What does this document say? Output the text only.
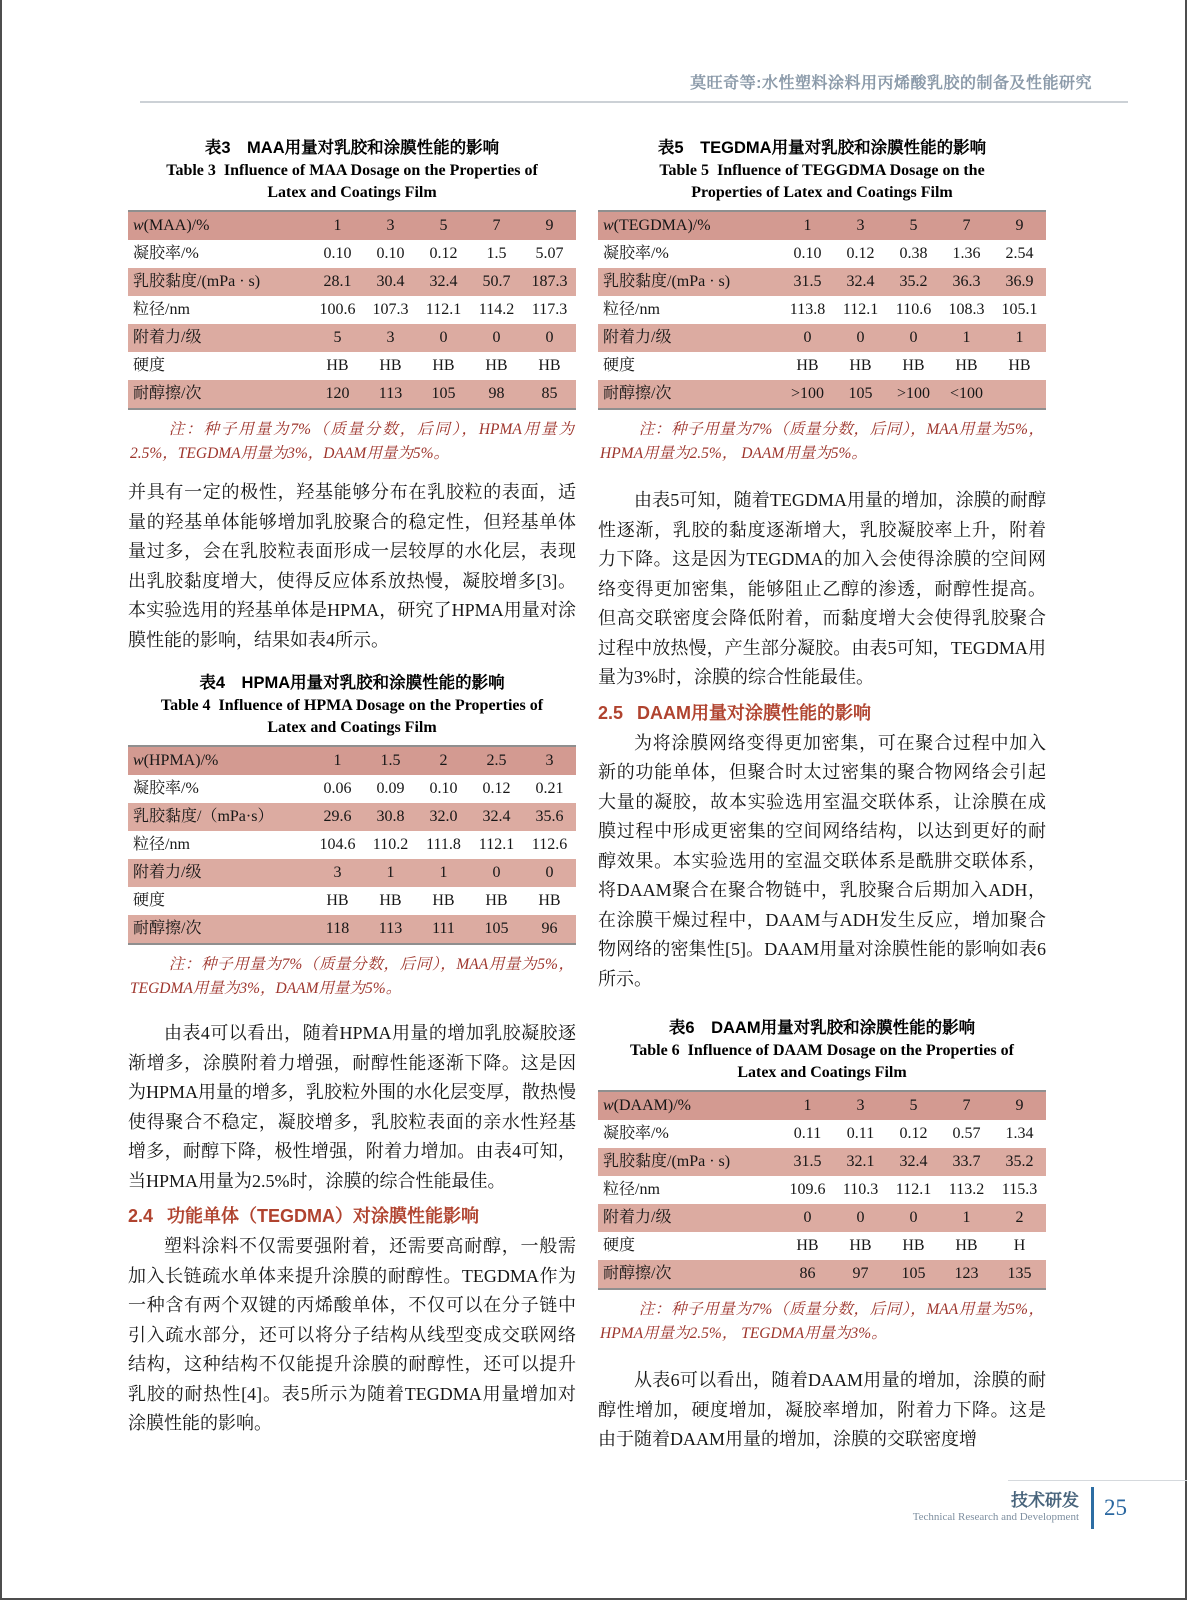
莫旺奇等:水性塑料涂料用丙烯酸乳胶的制备及性能研究
表3　MAA用量对乳胶和涂膜性能的影响
Table 3  Influence of MAA Dosage on the Properties of
Latex and Coatings Film
w(MAA)/%	1	3	5	7	9
凝胶率/%	0.10	0.10	0.12	1.5	5.07
乳胶黏度/(mPa · s)	28.1	30.4	32.4	50.7	187.3
粒径/nm	100.6	107.3	112.1	114.2	117.3
附着力/级	5	3	0	0	0
硬度	HB	HB	HB	HB	HB
耐醇擦/次	120	113	105	98	85
注：种子用量为7%（质量分数，后同），HPMA用量为2.5%，TEGDMA用量为3%，DAAM用量为5%。

并具有一定的极性，羟基能够分布在乳胶粒的表面，适量的羟基单体能够增加乳胶聚合的稳定性，但羟基单体量过多，会在乳胶粒表面形成一层较厚的水化层，表现出乳胶黏度增大，使得反应体系放热慢，凝胶增多[3]。本实验选用的羟基单体是HPMA，研究了HPMA用量对涂膜性能的影响，结果如表4所示。

表4　HPMA用量对乳胶和涂膜性能的影响
Table 4  Influence of HPMA Dosage on the Properties of
Latex and Coatings Film
w(HPMA)/%	1	1.5	2	2.5	3
凝胶率/%	0.06	0.09	0.10	0.12	0.21
乳胶黏度/（mPa·s）	29.6	30.8	32.0	32.4	35.6
粒径/nm	104.6	110.2	111.8	112.1	112.6
附着力/级	3	1	1	0	0
硬度	HB	HB	HB	HB	HB
耐醇擦/次	118	113	111	105	96
注：种子用量为7%（质量分数，后同），MAA用量为5%，TEGDMA用量为3%，DAAM用量为5%。

由表4可以看出，随着HPMA用量的增加乳胶凝胶逐渐增多，涂膜附着力增强，耐醇性能逐渐下降。这是因为HPMA用量的增多，乳胶粒外围的水化层变厚，散热慢使得聚合不稳定，凝胶增多，乳胶粒表面的亲水性羟基增多，耐醇下降，极性增强，附着力增加。由表4可知，当HPMA用量为2.5%时，涂膜的综合性能最佳。

2.4 功能单体（TEGDMA）对涂膜性能影响

塑料涂料不仅需要强附着，还需要高耐醇，一般需加入长链疏水单体来提升涂膜的耐醇性。TEGDMA作为一种含有两个双键的丙烯酸单体，不仅可以在分子链中引入疏水部分，还可以将分子结构从线型变成交联网络结构，这种结构不仅能提升涂膜的耐醇性，还可以提升乳胶的耐热性[4]。表5所示为随着TEGDMA用量增加对涂膜性能的影响。

表5　TEGDMA用量对乳胶和涂膜性能的影响
Table 5  Influence of TEGGDMA Dosage on the
Properties of Latex and Coatings Film
w(TEGDMA)/%	1	3	5	7	9
凝胶率/%	0.10	0.12	0.38	1.36	2.54
乳胶黏度/(mPa · s)	31.5	32.4	35.2	36.3	36.9
粒径/nm	113.8	112.1	110.6	108.3	105.1
附着力/级	0	0	0	1	1
硬度	HB	HB	HB	HB	HB
耐醇擦/次	>100	105	>100	<100
注：种子用量为7%（质量分数，后同），MAA用量为5%，HPMA用量为2.5%， DAAM用量为5%。

由表5可知，随着TEGDMA用量的增加，涂膜的耐醇性逐渐，乳胶的黏度逐渐增大，乳胶凝胶率上升，附着力下降。这是因为TEGDMA的加入会使得涂膜的空间网络变得更加密集，能够阻止乙醇的渗透，耐醇性提高。但高交联密度会降低附着，而黏度增大会使得乳胶聚合过程中放热慢，产生部分凝胶。由表5可知，TEGDMA用量为3%时，涂膜的综合性能最佳。

2.5 DAAM用量对涂膜性能的影响

为将涂膜网络变得更加密集，可在聚合过程中加入新的功能单体，但聚合时太过密集的聚合物网络会引起大量的凝胶，故本实验选用室温交联体系，让涂膜在成膜过程中形成更密集的空间网络结构，以达到更好的耐醇效果。本实验选用的室温交联体系是酰肼交联体系，将DAAM聚合在聚合物链中，乳胶聚合后期加入ADH，在涂膜干燥过程中，DAAM与ADH发生反应，增加聚合物网络的密集性[5]。DAAM用量对涂膜性能的影响如表6所示。

表6　DAAM用量对乳胶和涂膜性能的影响
Table 6  Influence of DAAM Dosage on the Properties of
Latex and Coatings Film
w(DAAM)/%	1	3	5	7	9
凝胶率/%	0.11	0.11	0.12	0.57	1.34
乳胶黏度/(mPa · s)	31.5	32.1	32.4	33.7	35.2
粒径/nm	109.6	110.3	112.1	113.2	115.3
附着力/级	0	0	0	1	2
硬度	HB	HB	HB	HB	H
耐醇擦/次	86	97	105	123	135
注：种子用量为7%（质量分数，后同），MAA用量为5%， HPMA用量为2.5%， TEGDMA用量为3%。

从表6可以看出，随着DAAM用量的增加，涂膜的耐醇性增加，硬度增加，凝胶率增加，附着力下降。这是由于随着DAAM用量的增加，涂膜的交联密度增

技术研发
Technical Research and Development 25
